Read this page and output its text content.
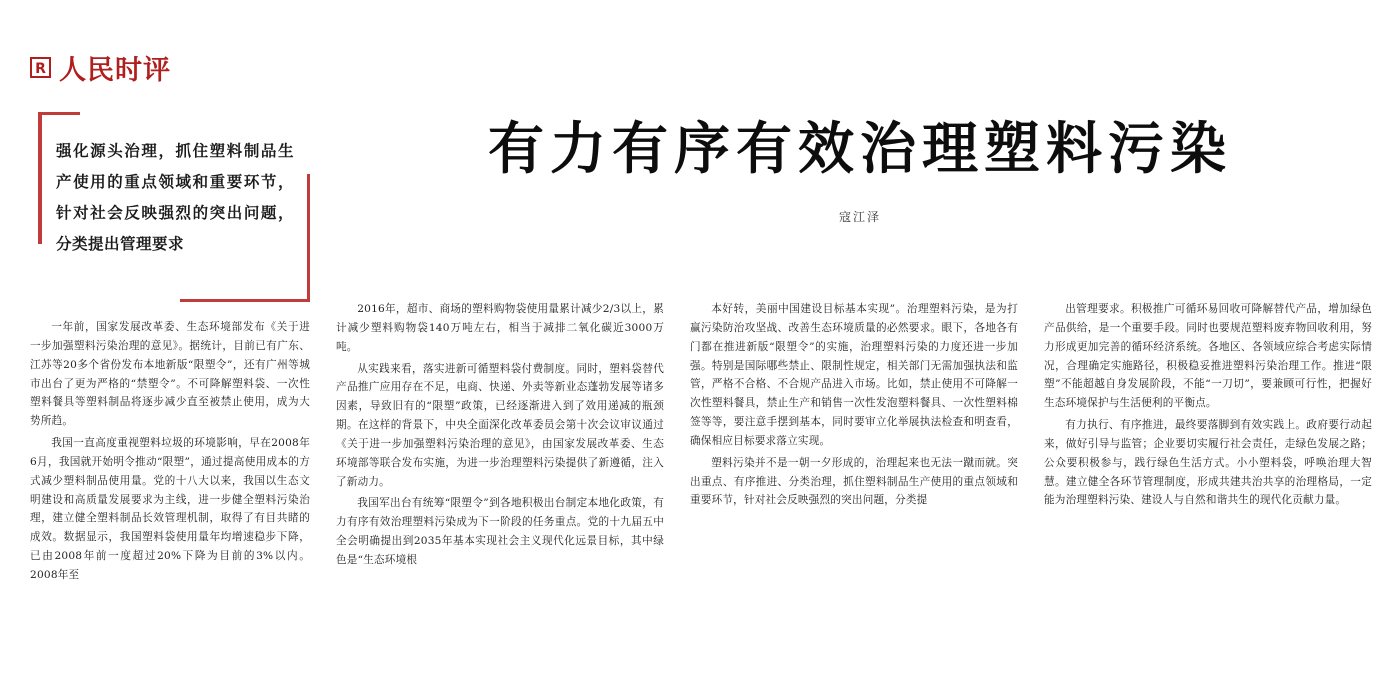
R 人民时评
有力有序有效治理塑料污染
寇江泽
强化源头治理，抓住塑料制品生产使用的重点领域和重要环节，针对社会反映强烈的突出问题，分类提出管理要求

一年前，国家发展改革委、生态环境部发布《关于进一步加强塑料污染治理的意见》。据统计，目前已有广东、江苏等20多个省份发布本地新版“限塑令”，还有广州等城市出台了更为严格的“禁塑令”。不可降解塑料袋、一次性塑料餐具等塑料制品将逐步减少直至被禁止使用，成为大势所趋。

我国一直高度重视塑料垃圾的环境影响，早在2008年6月，我国就开始明令推动“限塑”，通过提高使用成本的方式减少塑料制品使用量。党的十八大以来，我国以生态文明建设和高质量发展要求为主线，进一步健全塑料污染治理，建立健全塑料制品长效管理机制，取得了有目共睹的成效。数据显示，我国塑料袋使用量年均增速稳步下降，已由2008年前一度超过20%下降为目前的3%以内。2008年至

2016年，超市、商场的塑料购物袋使用量累计减少2/3以上，累计减少塑料购物袋140万吨左右，相当于减排二氧化碳近3000万吨。

从实践来看，落实进新可循塑料袋付费制度。同时，塑料袋替代产品推广应用存在不足，电商、快递、外卖等新业态蓬勃发展等诸多因素，导致旧有的“限塑”政策，已经逐渐进入到了效用递减的瓶颈期。在这样的背景下，中央全面深化改革委员会第十次会议审议通过《关于进一步加强塑料污染治理的意见》，由国家发展改革委、生态环境部等联合发布实施，为进一步治理塑料污染提供了新遵循，注入了新动力。

我国军出台有统筹“限塑令”到各地积极出台制定本地化政策，有力有序有效治理塑料污染成为下一阶段的任务重点。党的十九届五中全会明确提出到2035年基本实现社会主义现代化远景目标，其中绿色是“生态环境根

本好转，美丽中国建设目标基本实现”。治理塑料污染，是为打赢污染防治攻坚战、改善生态环境质量的必然要求。眼下，各地各有门都在推进新版“限塑令”的实施，治理塑料污染的力度还进一步加强。特别是国际哪些禁止、限制性规定，相关部门无需加强执法和监管，严格不合格、不合规产品进入市场。比如，禁止使用不可降解一次性塑料餐具，禁止生产和销售一次性发泡塑料餐具、一次性塑料棉签等等，要注意手摆到基本，同时要审立化举展执法检查和明查看，确保相应目标要求落立实现。

塑料污染并不是一朝一夕形成的，治理起来也无法一蹴而就。突出重点、有序推进、分类治理，抓住塑料制品生产使用的重点领域和重要环节，针对社会反映强烈的突出问题，分类提

出管理要求。积极推广可循环易回收可降解替代产品，增加绿色产品供给，是一个重要手段。同时也要规范塑料废弃物回收利用，努力形成更加完善的循环经济系统。各地区、各领域应综合考虑实际情况，合理确定实施路径，积极稳妥推进塑料污染治理工作。推进“限塑”不能超越自身发展阶段，不能“一刀切”，要兼顾可行性，把握好生态环境保护与生活便利的平衡点。

有力执行、有序推进，最终要落脚到有效实践上。政府要行动起来，做好引导与监管；企业要切实履行社会责任，走绿色发展之路；公众要积极参与，践行绿色生活方式。小小塑料袋，呼唤治理大智慧。建立健全各环节管理制度，形成共建共治共享的治理格局，一定能为治理塑料污染、建设人与自然和谐共生的现代化贡献力量。
